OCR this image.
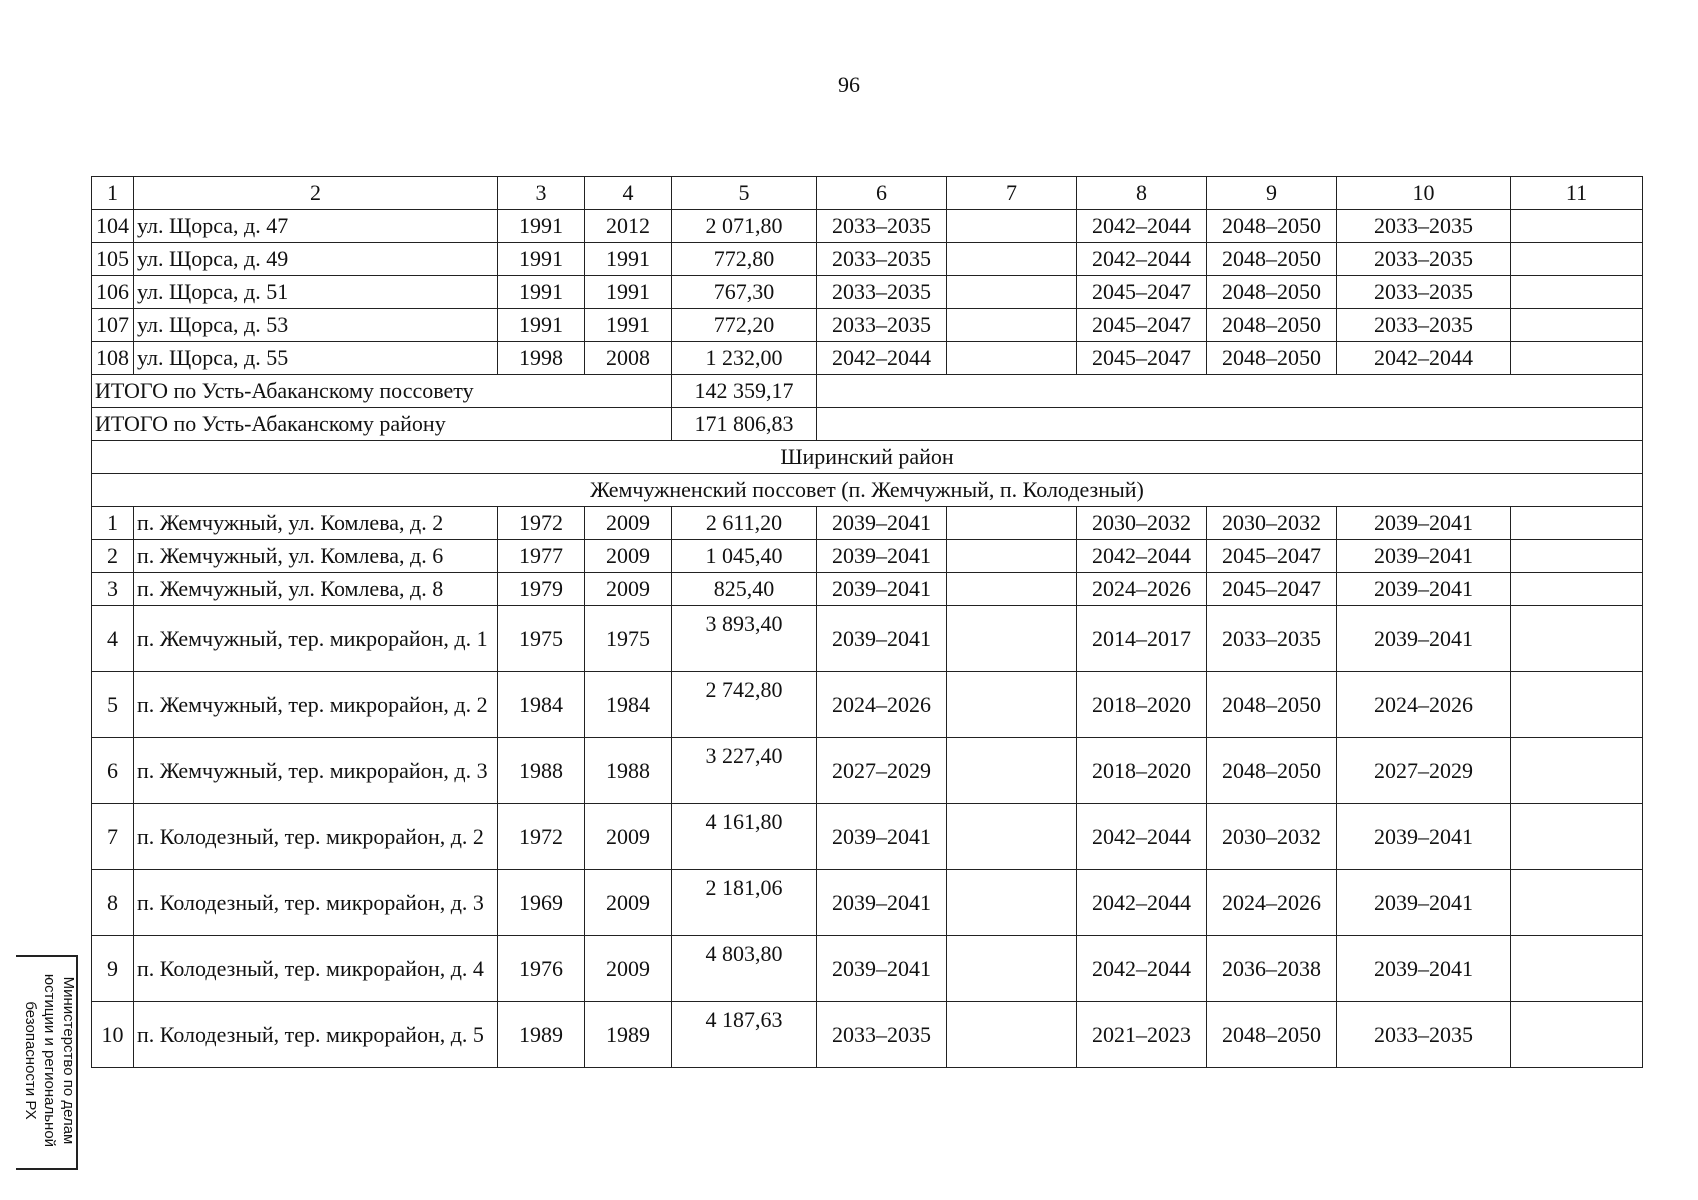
96
1	2	3	4	5	6	7	8	9	10	11
104	ул. Щорса, д. 47	1991	2012	2 071,80	2033–2035		2042–2044	2048–2050	2033–2035	
105	ул. Щорса, д. 49	1991	1991	772,80	2033–2035		2042–2044	2048–2050	2033–2035	
106	ул. Щорса, д. 51	1991	1991	767,30	2033–2035		2045–2047	2048–2050	2033–2035	
107	ул. Щорса, д. 53	1991	1991	772,20	2033–2035		2045–2047	2048–2050	2033–2035	
108	ул. Щорса, д. 55	1998	2008	1 232,00	2042–2044		2045–2047	2048–2050	2042–2044	
ИТОГО по Усть-Абаканскому поссовету				142 359,17						
ИТОГО по Усть-Абаканскому району				171 806,83						
Ширинский район										
Жемчужненский поссовет (п. Жемчужный, п. Колодезный)										
1	п. Жемчужный, ул. Комлева, д. 2	1972	2009	2 611,20	2039–2041		2030–2032	2030–2032	2039–2041	
2	п. Жемчужный, ул. Комлева, д. 6	1977	2009	1 045,40	2039–2041		2042–2044	2045–2047	2039–2041	
3	п. Жемчужный, ул. Комлева, д. 8	1979	2009	825,40	2039–2041		2024–2026	2045–2047	2039–2041	
4	п. Жемчужный, тер. микрорайон, д. 1	1975	1975	3 893,40	2039–2041		2014–2017	2033–2035	2039–2041	
5	п. Жемчужный, тер. микрорайон, д. 2	1984	1984	2 742,80	2024–2026		2018–2020	2048–2050	2024–2026	
6	п. Жемчужный, тер. микрорайон, д. 3	1988	1988	3 227,40	2027–2029		2018–2020	2048–2050	2027–2029	
7	п. Колодезный, тер. микрорайон, д. 2	1972	2009	4 161,80	2039–2041		2042–2044	2030–2032	2039–2041	
8	п. Колодезный, тер. микрорайон, д. 3	1969	2009	2 181,06	2039–2041		2042–2044	2024–2026	2039–2041	
9	п. Колодезный, тер. микрорайон, д. 4	1976	2009	4 803,80	2039–2041		2042–2044	2036–2038	2039–2041	
10	п. Колодезный, тер. микрорайон, д. 5	1989	1989	4 187,63	2033–2035		2021–2023	2048–2050	2033–2035	
Министерство по делам
юстиции и региональной
безопасности РХ
